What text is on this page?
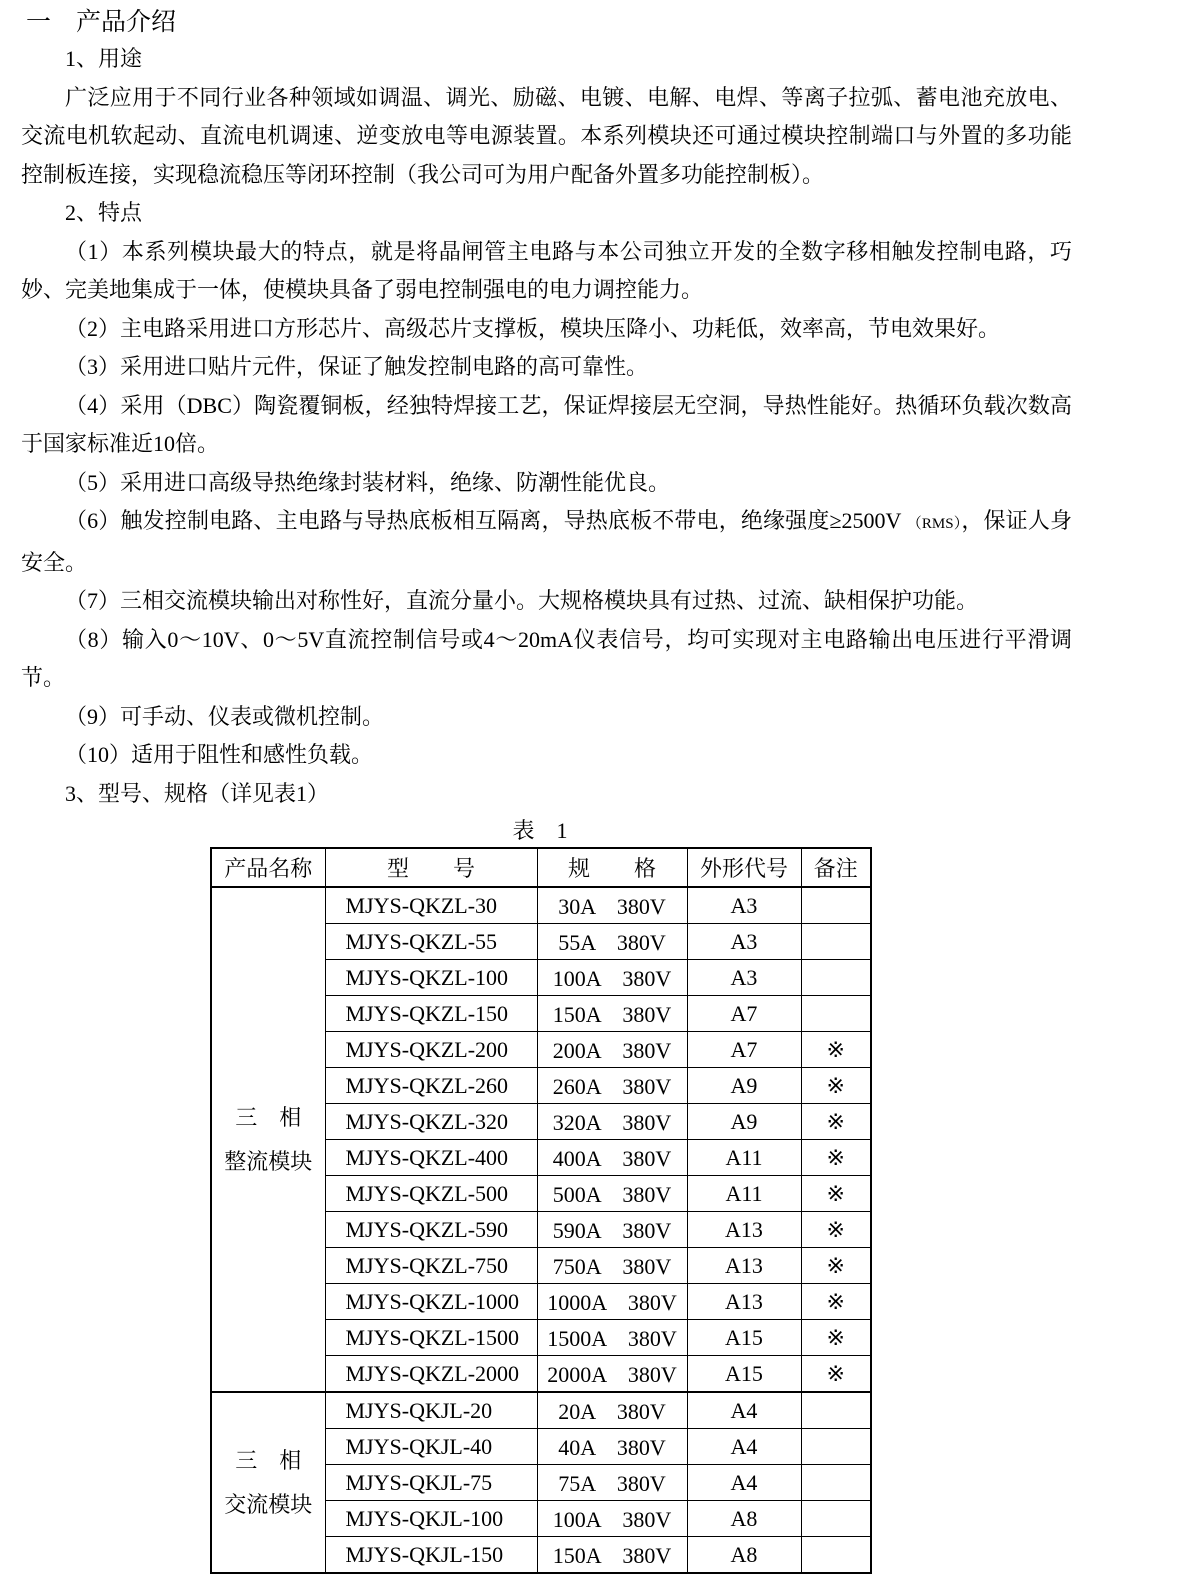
一　产品介绍

1、用途

广泛应用于不同行业各种领域如调温、调光、励磁、电镀、电解、电焊、等离子拉弧、蓄电池充放电、交流电机软起动、直流电机调速、逆变放电等电源装置。本系列模块还可通过模块控制端口与外置的多功能控制板连接，实现稳流稳压等闭环控制（我公司可为用户配备外置多功能控制板）。

2、特点

（1）本系列模块最大的特点，就是将晶闸管主电路与本公司独立开发的全数字移相触发控制电路，巧妙、完美地集成于一体，使模块具备了弱电控制强电的电力调控能力。

（2）主电路采用进口方形芯片、高级芯片支撑板，模块压降小、功耗低，效率高，节电效果好。

（3）采用进口贴片元件，保证了触发控制电路的高可靠性。

（4）采用（DBC）陶瓷覆铜板，经独特焊接工艺，保证焊接层无空洞，导热性能好。热循环负载次数高于国家标准近10倍。

（5）采用进口高级导热绝缘封装材料，绝缘、防潮性能优良。

（6）触发控制电路、主电路与导热底板相互隔离，导热底板不带电，绝缘强度≥2500V （RMS），保证人身安全。

（7）三相交流模块输出对称性好，直流分量小。大规格模块具有过热、过流、缺相保护功能。

（8）输入0～10V、0～5V直流控制信号或4～20mA仪表信号，均可实现对主电路输出电压进行平滑调节。

（9）可手动、仪表或微机控制。

（10）适用于阻性和感性负载。

3、型号、规格（详见表1）

表　1
产品名称	型　　号	规　　格	外形代号	备注

三　相
整流模块	MJYS-QKZL-30	30A　380V	A3	
	MJYS-QKZL-55	55A　380V	A3	
	MJYS-QKZL-100	100A　380V	A3	
	MJYS-QKZL-150	150A　380V	A7	
	MJYS-QKZL-200	200A　380V	A7	※
	MJYS-QKZL-260	260A　380V	A9	※
	MJYS-QKZL-320	320A　380V	A9	※
	MJYS-QKZL-400	400A　380V	A11	※
	MJYS-QKZL-500	500A　380V	A11	※
	MJYS-QKZL-590	590A　380V	A13	※
	MJYS-QKZL-750	750A　380V	A13	※
	MJYS-QKZL-1000	1000A　380V	A13	※
	MJYS-QKZL-1500	1500A　380V	A15	※
	MJYS-QKZL-2000	2000A　380V	A15	※

三　相
交流模块	MJYS-QKJL-20	20A　380V	A4	
	MJYS-QKJL-40	40A　380V	A4	
	MJYS-QKJL-75	75A　380V	A4	
	MJYS-QKJL-100	100A　380V	A8	
	MJYS-QKJL-150	150A　380V	A8	
